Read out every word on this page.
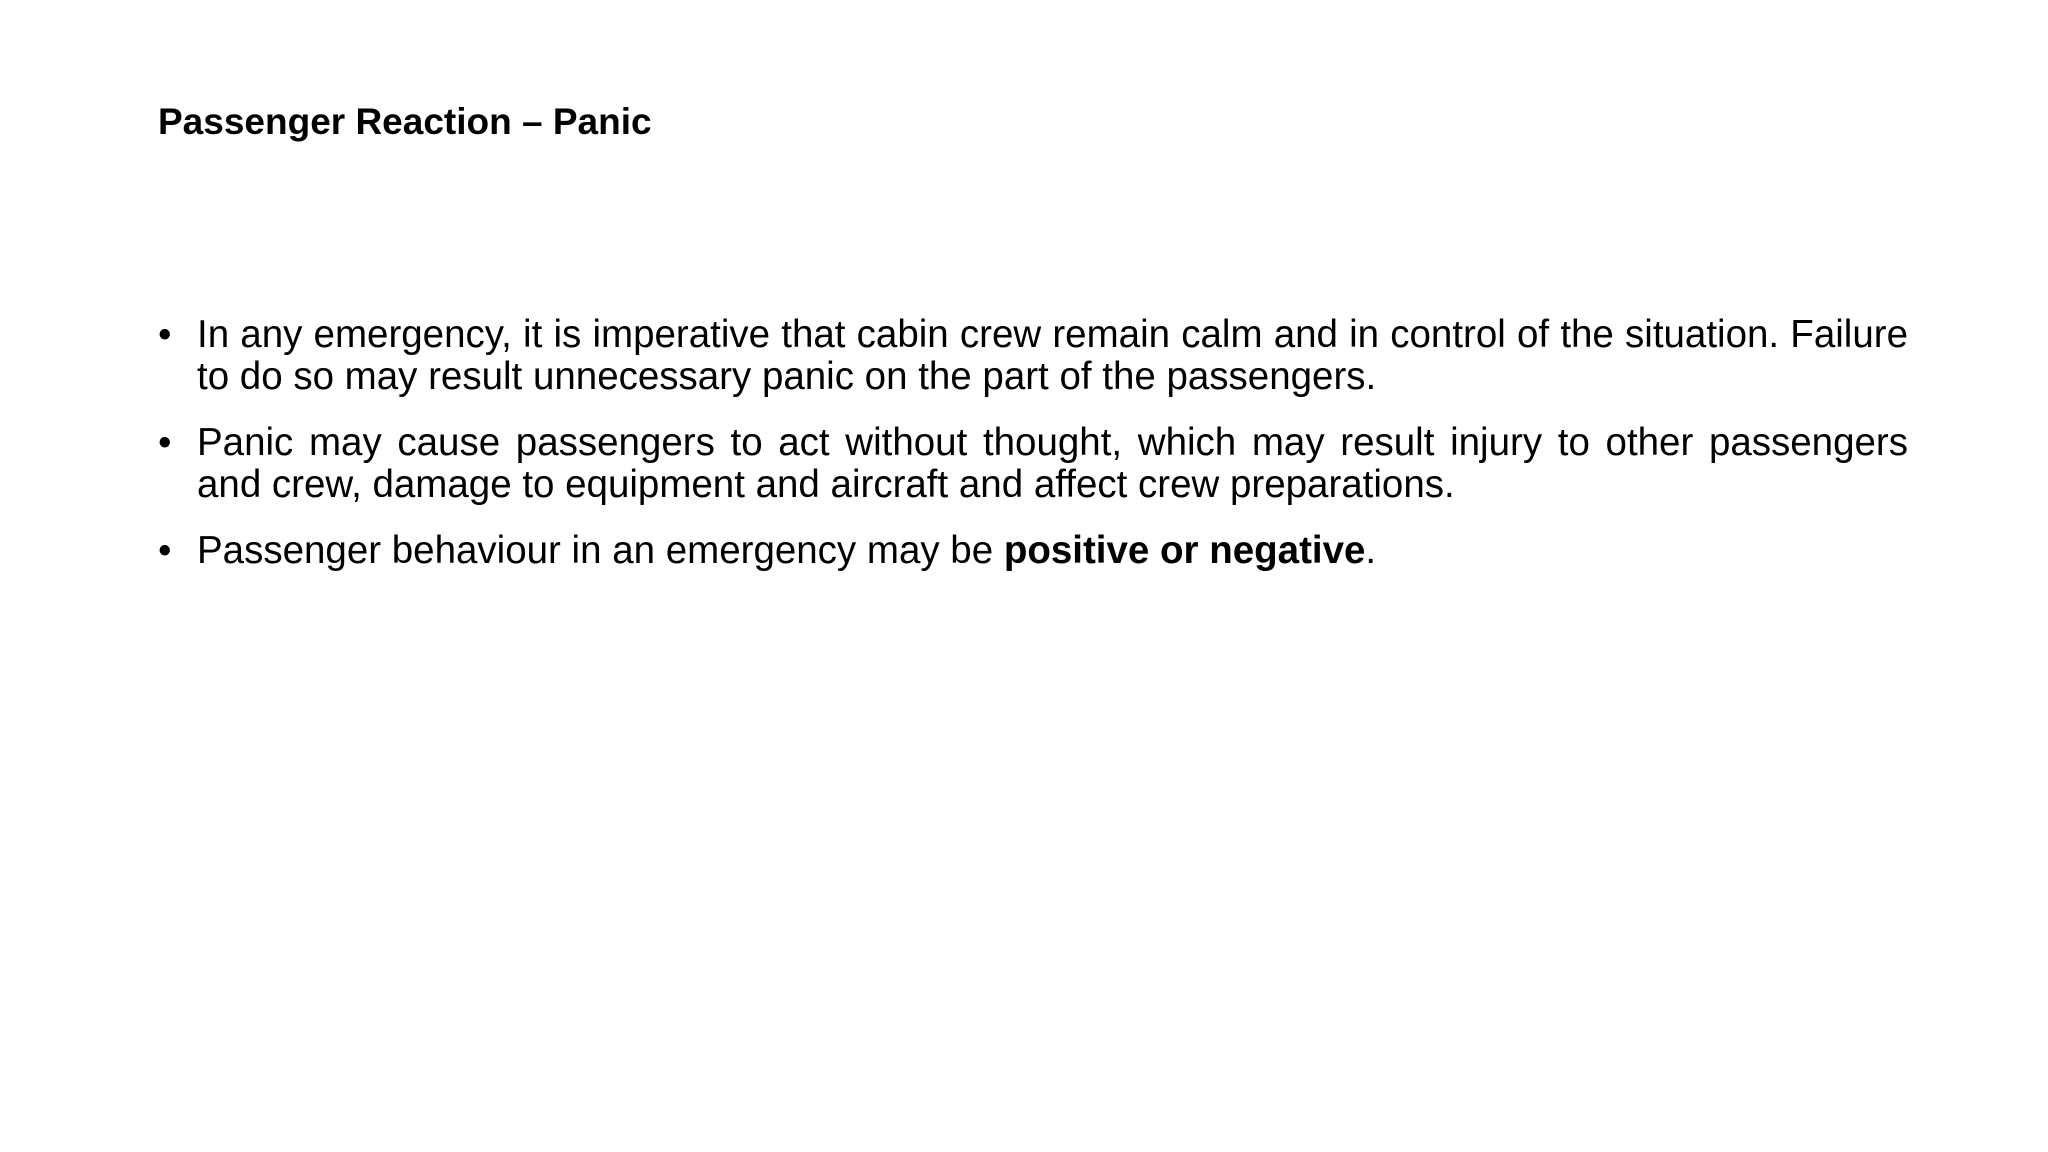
Passenger Reaction – Panic
• In any emergency, it is imperative that cabin crew remain calm and in control of the situation. Failure to do so may result unnecessary panic on the part of the passengers.
• Panic may cause passengers to act without thought, which may result injury to other passengers and crew, damage to equipment and aircraft and affect crew preparations.
• Passenger behaviour in an emergency may be positive or negative.
